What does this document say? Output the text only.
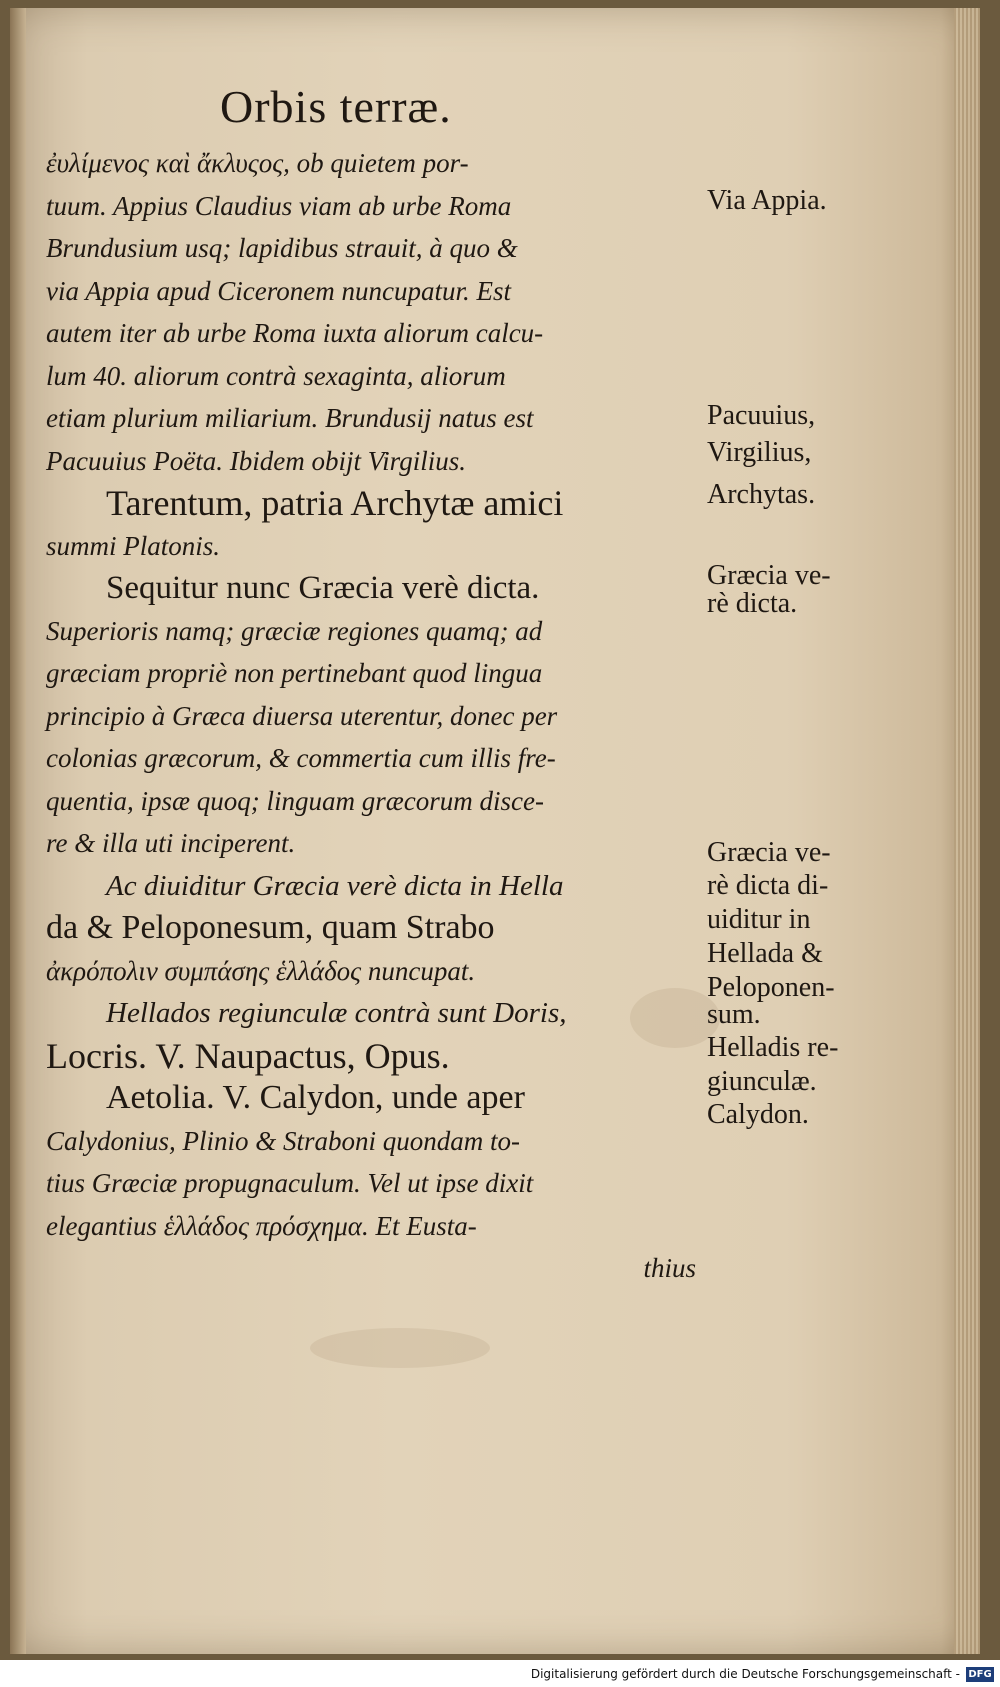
Orbis terræ.
ἐυλίμενος καὶ ἄκλυςος, ob quietem por-
tuum. Appius Claudius viam ab urbe Roma
Brundusium usq; lapidibus strauit, à quo &
via Appia apud Ciceronem nuncupatur. Est
autem iter ab urbe Roma iuxta aliorum calcu-
lum 40. aliorum contrà sexaginta, aliorum
etiam plurium miliarium. Brundusij natus est
Pacuuius Poëta. Ibidem obijt Virgilius.
Tarentum, patria Archytæ amici
summi Platonis.
Sequitur nunc Græcia verè dicta.
Superioris namq; græciæ regiones quamq; ad
græciam propriè non pertinebant quod lingua
principio à Græca diuersa uterentur, donec per
colonias græcorum, & commertia cum illis fre-
quentia, ipsæ quoq; linguam græcorum disce-
re & illa uti inciperent.
Ac diuiditur Græcia verè dicta in Hella
da & Peloponesum, quam Strabo
ἀκρόπολιν συμπάσης ἑλλάδος nuncupat.
Hellados regiunculæ contrà sunt Doris,
Locris. V. Naupactus, Opus.
Aetolia. V. Calydon, unde aper
Calydonius, Plinio & Straboni quondam to-
tius Græciæ propugnaculum. Vel ut ipse dixit
elegantius ἑλλάδος πρόσχημα. Et Eusta-
thius
Via Appia.
Pacuuius,
Virgilius,
Archytas.
Græcia ve-
rè dicta.
Græcia ve-
rè dicta di-
uiditur in
Hellada &
Peloponen-
sum.
Helladis re-
giunculæ.
Calydon.
Digitalisierung gefördert durch die Deutsche Forschungsgemeinschaft - DFG
